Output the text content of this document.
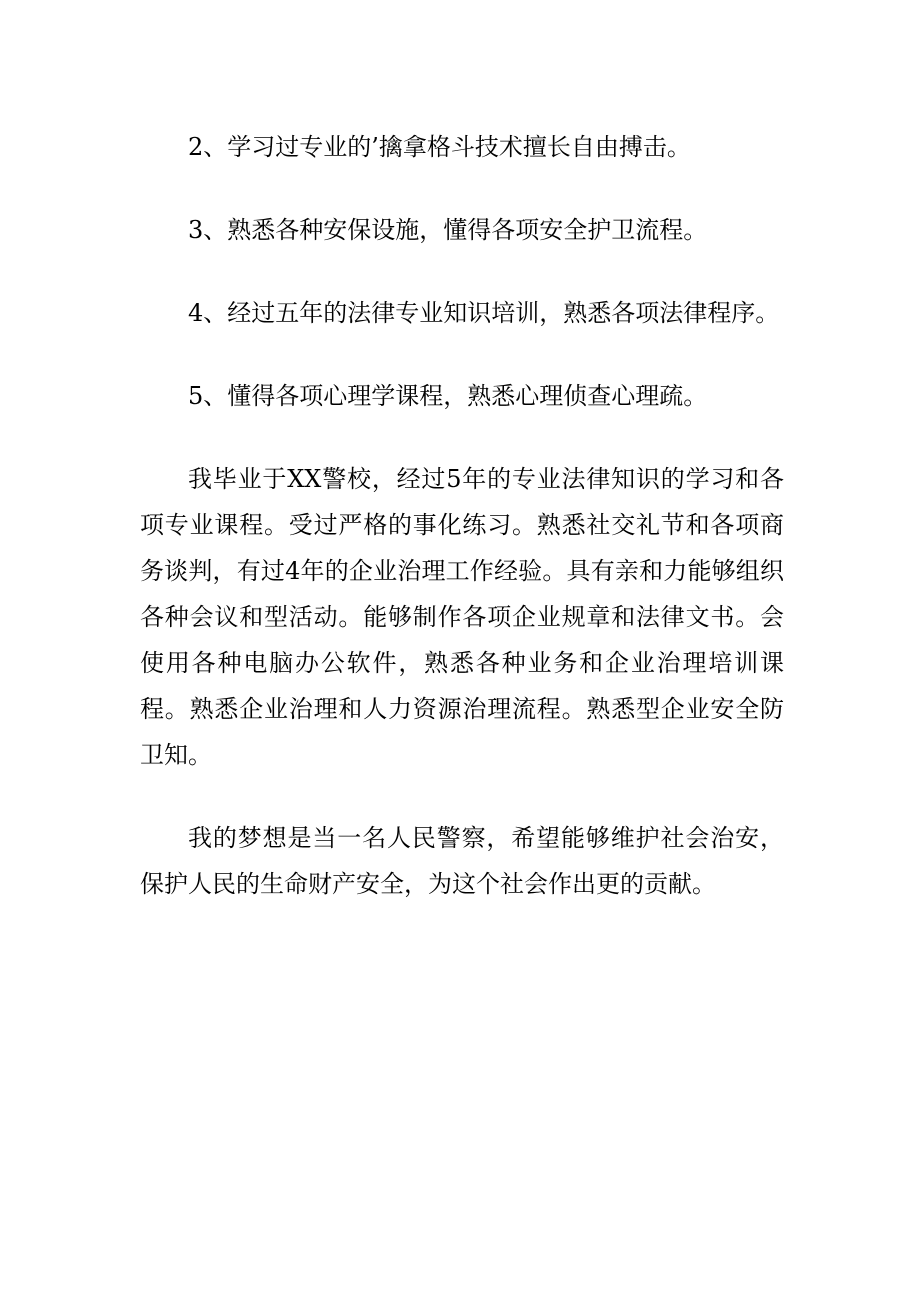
2、学习过专业的’擒拿格斗技术擅长自由搏击。

3、熟悉各种安保设施，懂得各项安全护卫流程。

4、经过五年的法律专业知识培训，熟悉各项法律程序。

5、懂得各项心理学课程，熟悉心理侦查心理疏。

我毕业于XX警校，经过5年的专业法律知识的学习和各项专业课程。受过严格的事化练习。熟悉社交礼节和各项商务谈判，有过4年的企业治理工作经验。具有亲和力能够组织各种会议和型活动。能够制作各项企业规章和法律文书。会使用各种电脑办公软件，熟悉各种业务和企业治理培训课程。熟悉企业治理和人力资源治理流程。熟悉型企业安全防卫知。

我的梦想是当一名人民警察，希望能够维护社会治安，保护人民的生命财产安全，为这个社会作出更的贡献。
